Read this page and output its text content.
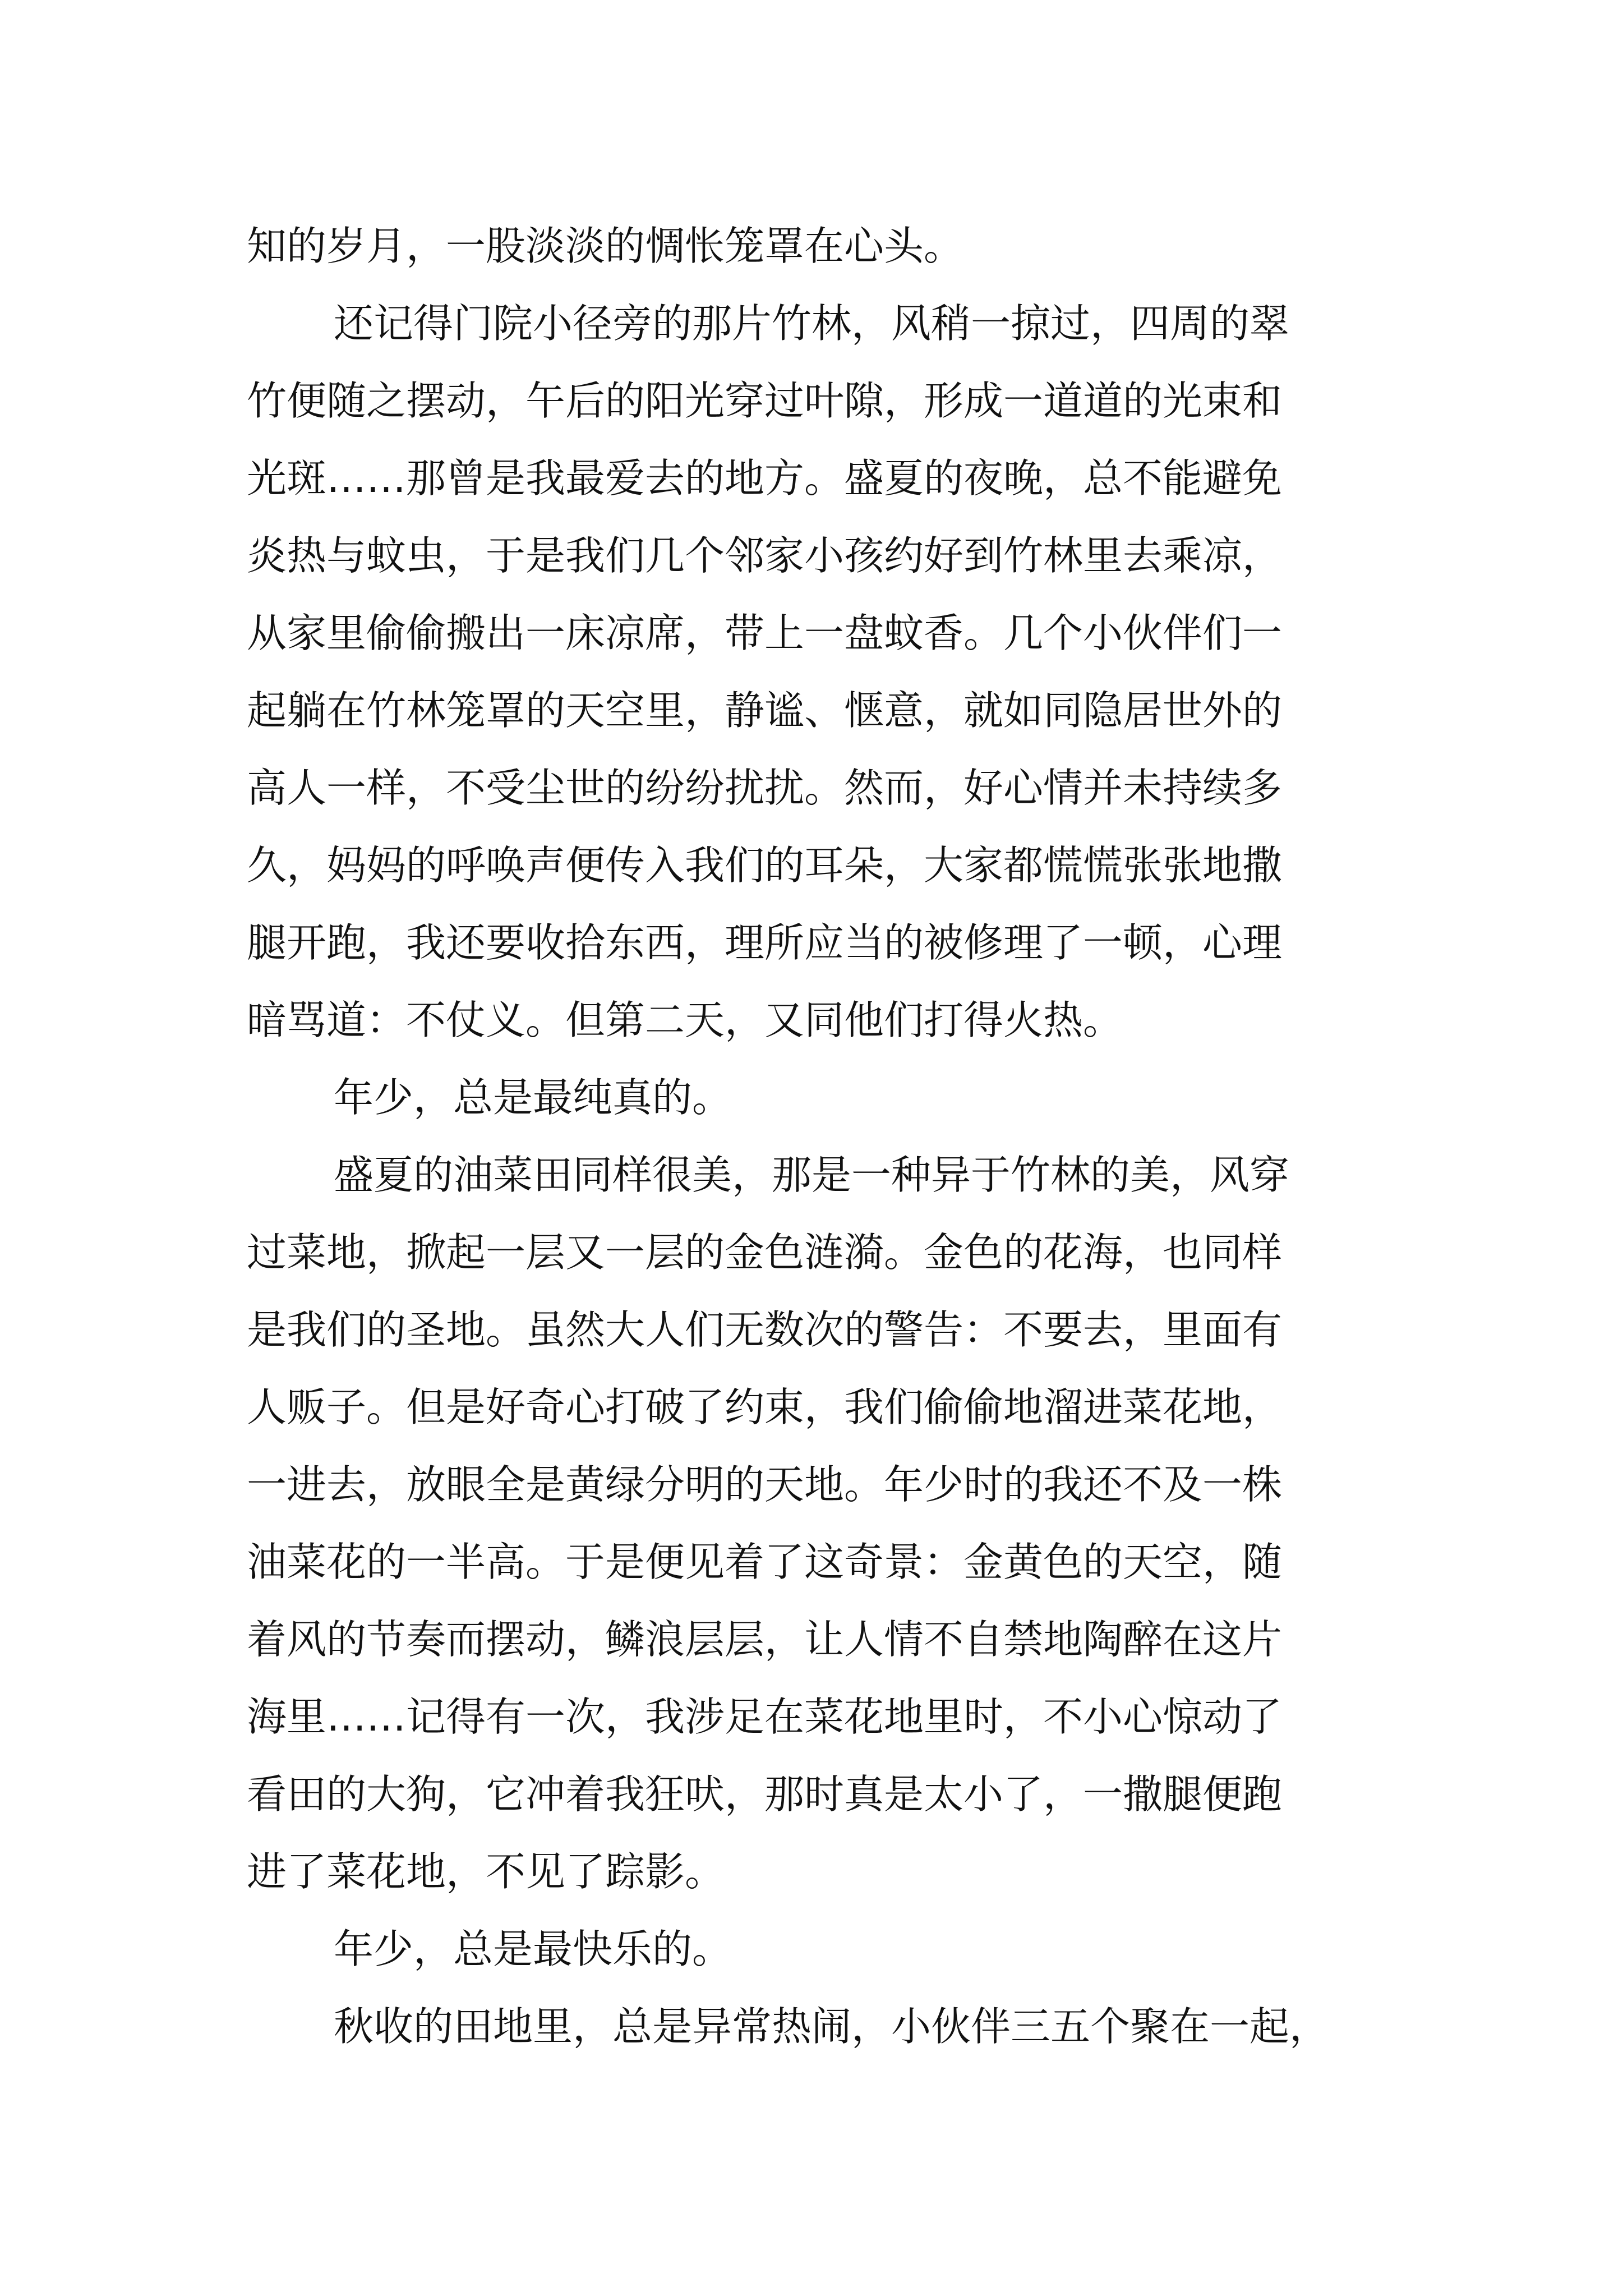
知的岁月，一股淡淡的惆怅笼罩在心头。
还记得门院小径旁的那片竹林，风稍一掠过，四周的翠
竹便随之摆动，午后的阳光穿过叶隙，形成一道道的光束和
光斑……那曾是我最爱去的地方。盛夏的夜晚，总不能避免
炎热与蚊虫，于是我们几个邻家小孩约好到竹林里去乘凉，
从家里偷偷搬出一床凉席，带上一盘蚊香。几个小伙伴们一
起躺在竹林笼罩的天空里，静谧、惬意，就如同隐居世外的
高人一样，不受尘世的纷纷扰扰。然而，好心情并未持续多
久，妈妈的呼唤声便传入我们的耳朵，大家都慌慌张张地撒
腿开跑，我还要收拾东西，理所应当的被修理了一顿，心理
暗骂道：不仗义。但第二天，又同他们打得火热。
年少，总是最纯真的。
盛夏的油菜田同样很美，那是一种异于竹林的美，风穿
过菜地，掀起一层又一层的金色涟漪。金色的花海，也同样
是我们的圣地。虽然大人们无数次的警告：不要去，里面有
人贩子。但是好奇心打破了约束，我们偷偷地溜进菜花地，
一进去，放眼全是黄绿分明的天地。年少时的我还不及一株
油菜花的一半高。于是便见着了这奇景：金黄色的天空，随
着风的节奏而摆动，鳞浪层层，让人情不自禁地陶醉在这片
海里……记得有一次，我涉足在菜花地里时，不小心惊动了
看田的大狗，它冲着我狂吠，那时真是太小了，一撒腿便跑
进了菜花地，不见了踪影。
年少，总是最快乐的。
秋收的田地里，总是异常热闹，小伙伴三五个聚在一起，
